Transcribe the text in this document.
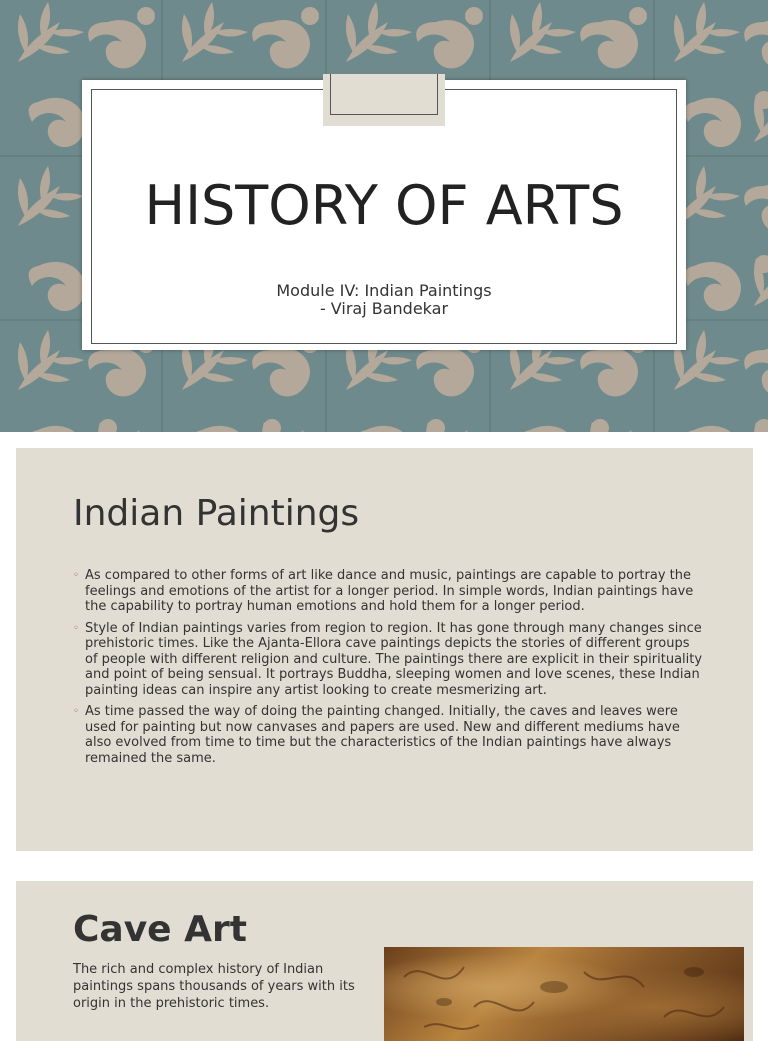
HISTORY OF ARTS
Module IV: Indian Paintings
- Viraj Bandekar
Indian Paintings
◦ As compared to other forms of art like dance and music, paintings are capable to portray the feelings and emotions of the artist for a longer period. In simple words, Indian paintings have the capability to portray human emotions and hold them for a longer period.
◦ Style of Indian paintings varies from region to region. It has gone through many changes since prehistoric times. Like the Ajanta-Ellora cave paintings depicts the stories of different groups of people with different religion and culture. The paintings there are explicit in their spirituality and point of being sensual. It portrays Buddha, sleeping women and love scenes, these Indian painting ideas can inspire any artist looking to create mesmerizing art.
◦ As time passed the way of doing the painting changed. Initially, the caves and leaves were used for painting but now canvases and papers are used. New and different mediums have also evolved from time to time but the characteristics of the Indian paintings have always remained the same.
Cave Art

The rich and complex history of Indian paintings spans thousands of years with its origin in the prehistoric times.
